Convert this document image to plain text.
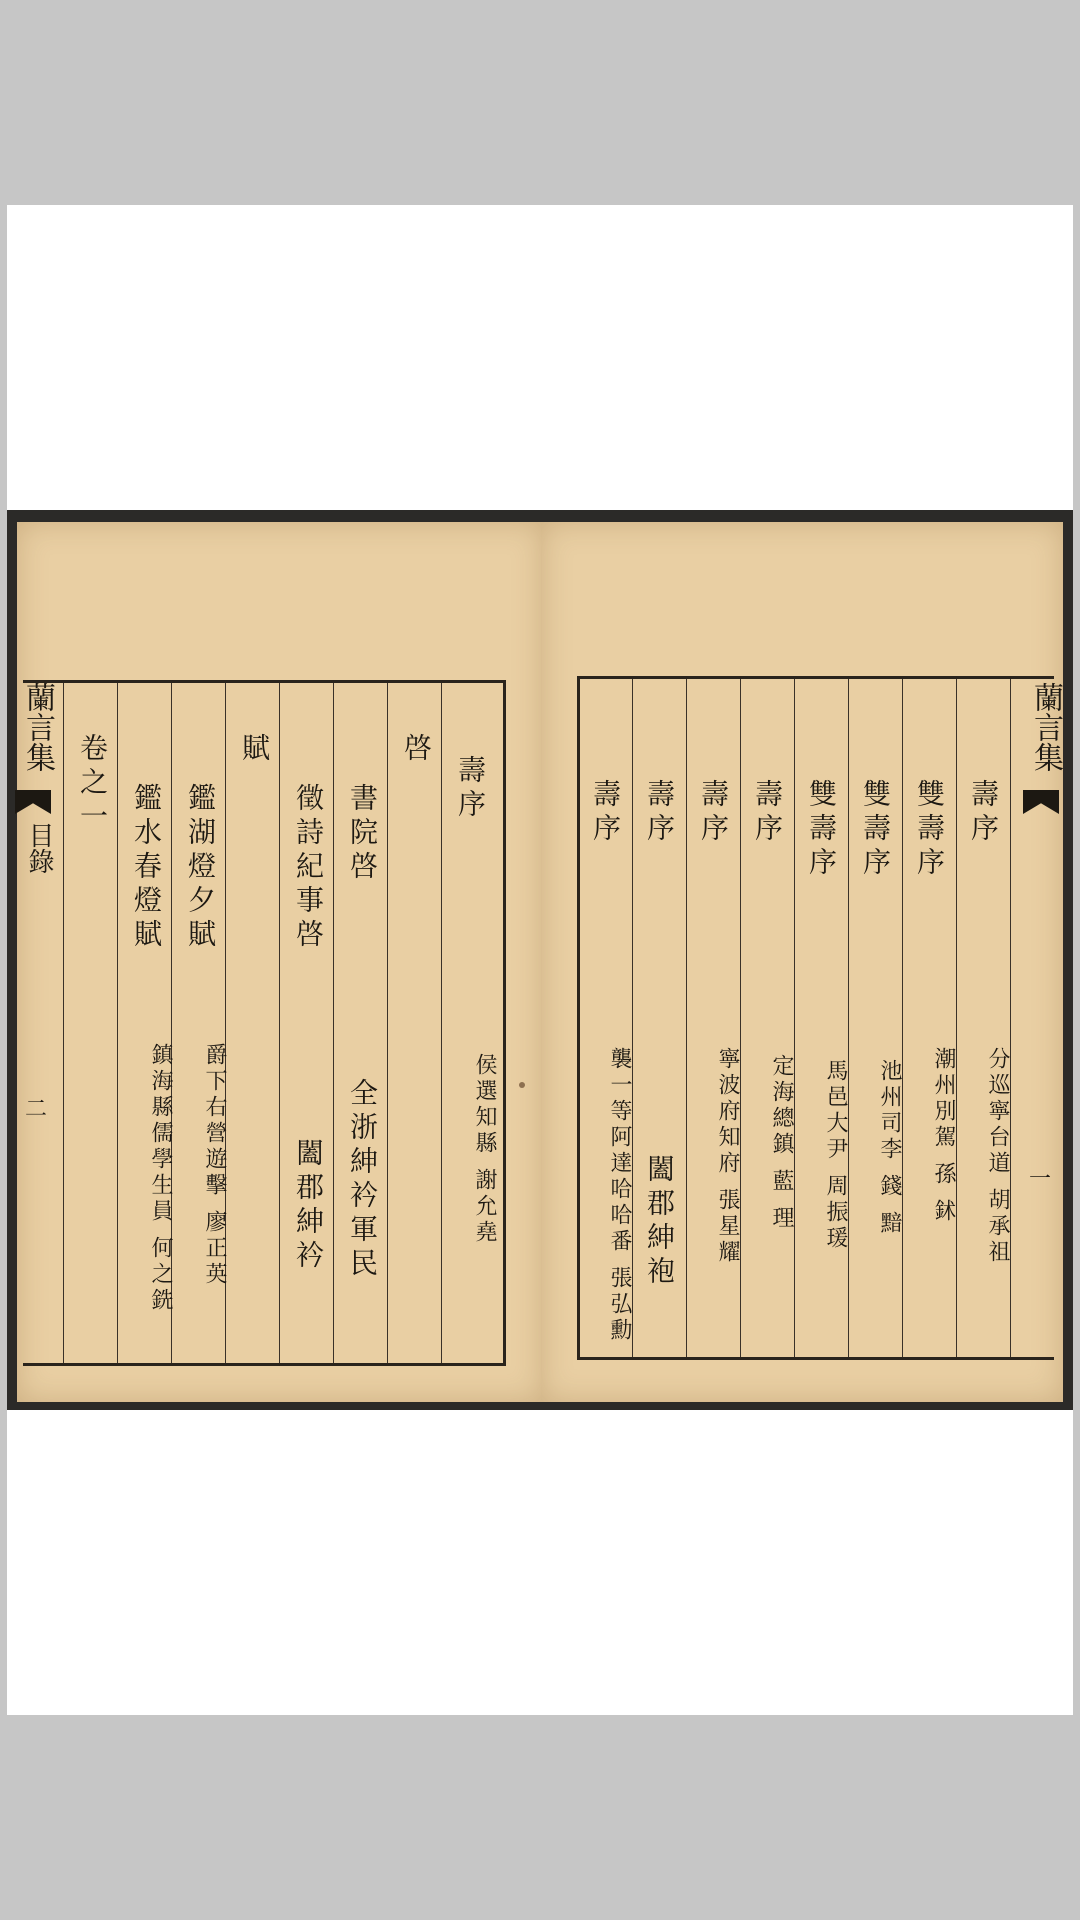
壽序
侯選知縣 謝允堯
啓
書院啓
全浙紳衿軍民
徵詩紀事啓
闔郡紳衿
賦
鑑湖燈夕賦
爵下右營遊擊 廖正英
鑑水春燈賦
鎮海縣儒學生員 何之銑
卷之一
蘭言集
目錄
二
壽序
分巡寧台道 胡承祖
雙壽序
潮州別駕 孫 鉥
雙壽序
池州司李 錢 黯
雙壽序
馬邑大尹 周振瑗
壽序
定海總鎮 藍 理
壽序
寧波府知府 張星耀
壽序
闔郡紳袍
壽序
襲一等阿達哈哈番 張弘勳
蘭言集
一
